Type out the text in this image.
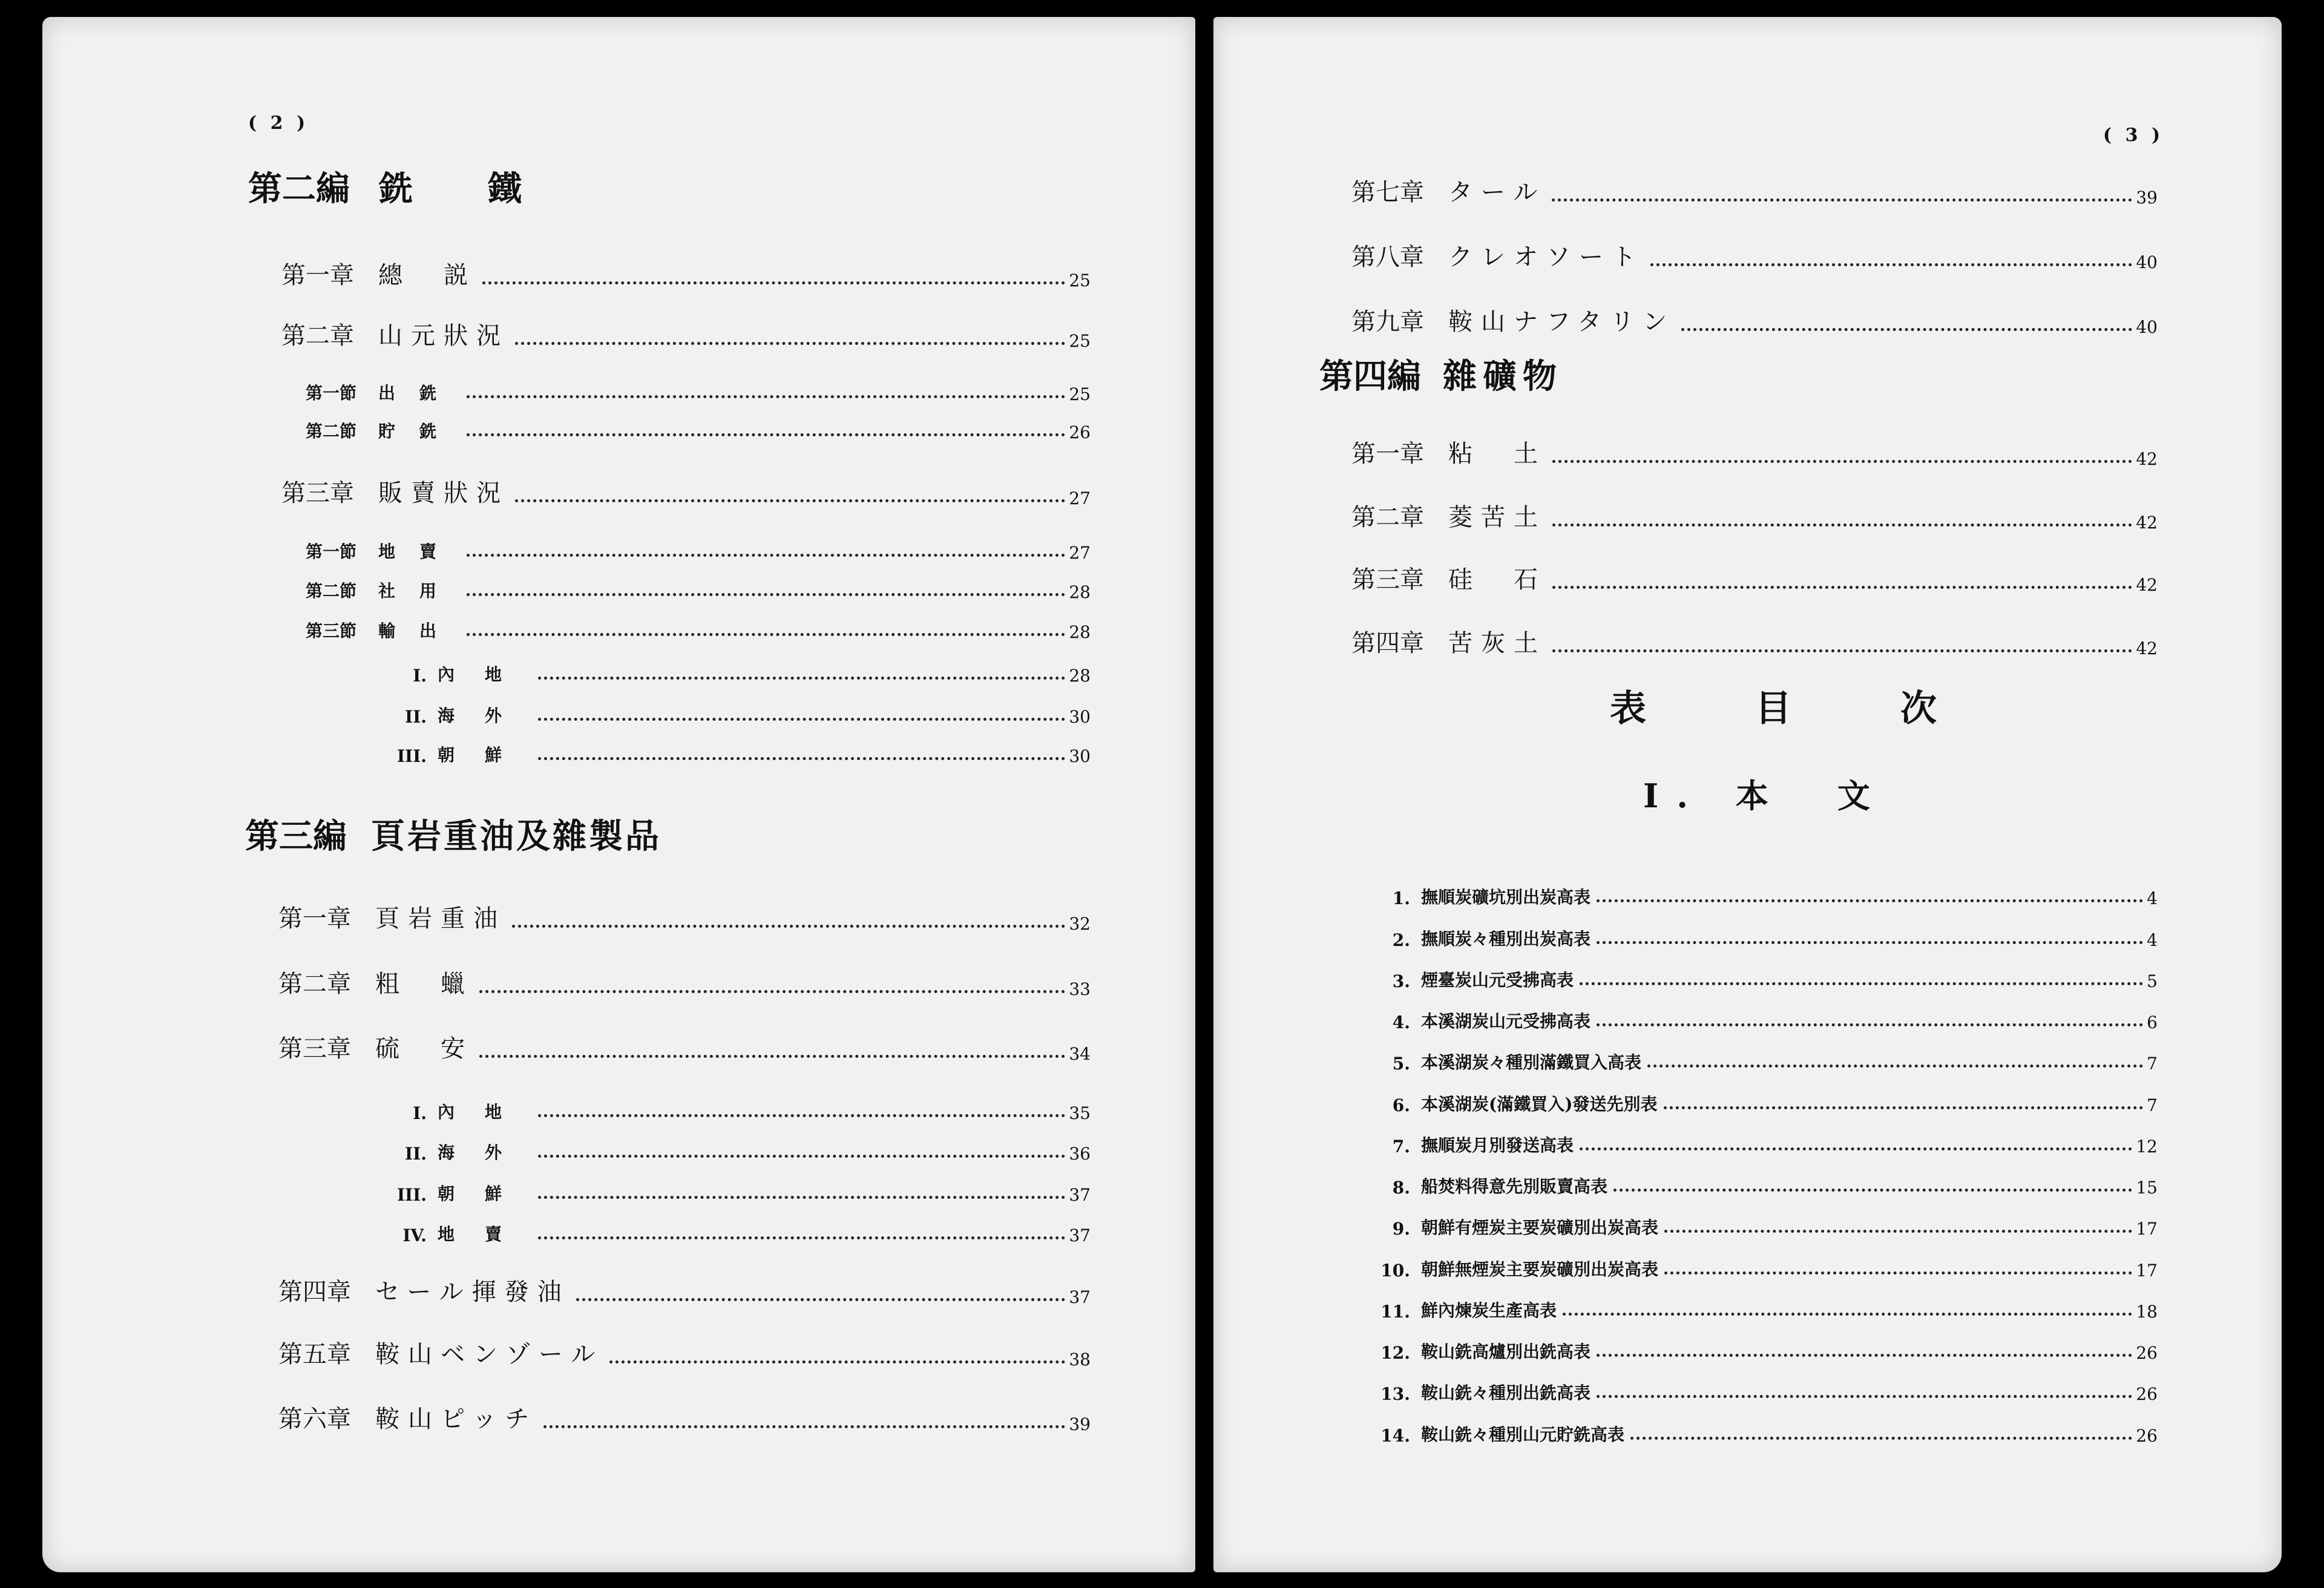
( 2 )
第二編 銑　鐵
第一章	總　説	25
第二章	山元狀況	25
第一節	出銑	25
第二節	貯銑	26
第三章	販賣狀況	27
第一節	地賣	27
第二節	社用	28
第三節	輸出	28
I. 內地	28
II. 海外	30
III. 朝鮮	30
第三編 頁岩重油及雜製品
第一章	頁岩重油	32
第二章	粗　蠟	33
第三章	硫　安	34
I. 內地	35
II. 海外	36
III. 朝鮮	37
IV. 地賣	37
第四章	セール揮發油	37
第五章	鞍山ベンゾール	38
第六章	鞍山ピッチ	39
( 3 )
第七章	タール	39
第八章	クレオソート	40
第九章	鞍山ナフタリン	40
第四編 雜礦物
第一章	粘　土	42
第二章	菱苦土	42
第三章	硅　石	42
第四章	苦灰土	42
表　目　次
I. 本　文
1. 撫順炭礦坑別出炭高表	4
2. 撫順炭々種別出炭高表	4
3. 煙臺炭山元受拂高表	5
4. 本溪湖炭山元受拂高表	6
5. 本溪湖炭々種別滿鐵買入高表	7
6. 本溪湖炭(滿鐵買入)發送先別表	7
7. 撫順炭月別發送高表	12
8. 船焚料得意先別販賣高表	15
9. 朝鮮有煙炭主要炭礦別出炭高表	17
10. 朝鮮無煙炭主要炭礦別出炭高表	17
11. 鮮內煉炭生產高表	18
12. 鞍山銑高爐別出銑高表	26
13. 鞍山銑々種別出銑高表	26
14. 鞍山銑々種別山元貯銑高表	26
